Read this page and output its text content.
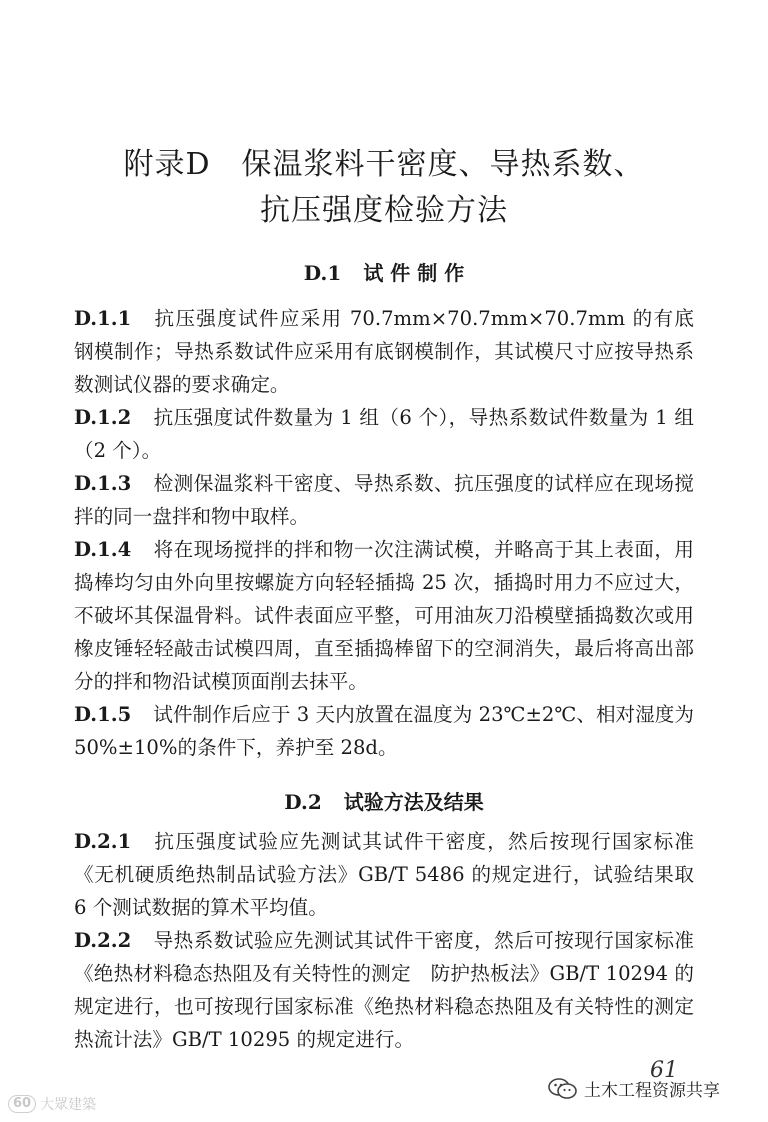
附录D　保温浆料干密度、导热系数、
抗压强度检验方法
D.1 试 件 制 作

D.1.1 抗压强度试件应采用 70.7mm×70.7mm×70.7mm 的有底钢模制作；导热系数试件应采用有底钢模制作，其试模尺寸应按导热系数测试仪器的要求确定。

D.1.2 抗压强度试件数量为 1 组（6 个），导热系数试件数量为 1 组（2 个）。

D.1.3 检测保温浆料干密度、导热系数、抗压强度的试样应在现场搅拌的同一盘拌和物中取样。

D.1.4 将在现场搅拌的拌和物一次注满试模，并略高于其上表面，用捣棒均匀由外向里按螺旋方向轻轻插捣 25 次，插捣时用力不应过大，不破坏其保温骨料。试件表面应平整，可用油灰刀沿模壁插捣数次或用橡皮锤轻轻敲击试模四周，直至插捣棒留下的空洞消失，最后将高出部分的拌和物沿试模顶面削去抹平。

D.1.5 试件制作后应于 3 天内放置在温度为 23℃±2℃、相对湿度为 50%±10%的条件下，养护至 28d。

D.2 试验方法及结果

D.2.1 抗压强度试验应先测试其试件干密度，然后按现行国家标准《无机硬质绝热制品试验方法》GB/T 5486 的规定进行，试验结果取 6 个测试数据的算术平均值。

D.2.2 导热系数试验应先测试其试件干密度，然后可按现行国家标准《绝热材料稳态热阻及有关特性的测定　防护热板法》GB/T 10294 的规定进行，也可按现行国家标准《绝热材料稳态热阻及有关特性的测定　热流计法》GB/T 10295 的规定进行。

61
土木工程资源共享
60 大眾建築
